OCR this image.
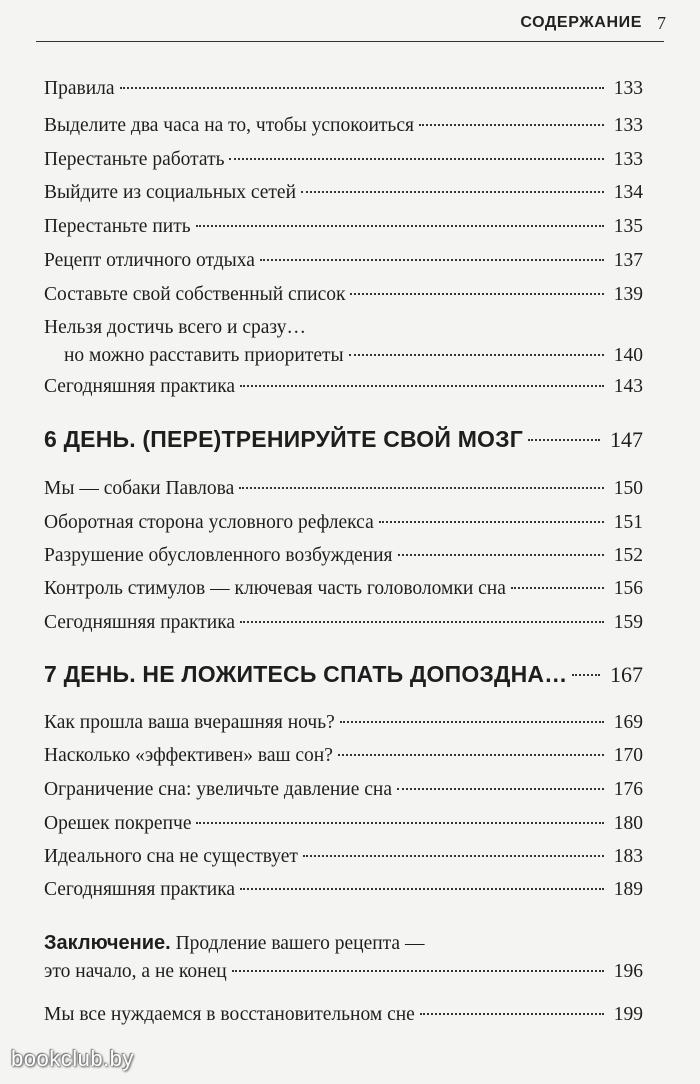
СОДЕРЖАНИЕ 7
Правила	133
Выделите два часа на то, чтобы успокоиться	133
Перестаньте работать	133
Выйдите из социальных сетей	134
Перестаньте пить	135
Рецепт отличного отдыха	137
Составьте свой собственный список	139
Нельзя достичь всего и сразу…
но можно расставить приоритеты	140
Сегодняшняя практика	143
6 ДЕНЬ. (ПЕРЕ)ТРЕНИРУЙТЕ СВОЙ МОЗГ	147
Мы — собаки Павлова	150
Оборотная сторона условного рефлекса	151
Разрушение обусловленного возбуждения	152
Контроль стимулов — ключевая часть головоломки сна	156
Сегодняшняя практика	159
7 ДЕНЬ. НЕ ЛОЖИТЕСЬ СПАТЬ ДОПОЗДНА… 167
Как прошла ваша вчерашняя ночь?	169
Насколько «эффективен» ваш сон?	170
Ограничение сна: увеличьте давление сна	176
Орешек покрепче	180
Идеального сна не существует	183
Сегодняшняя практика	189
Заключение. Продление вашего рецепта —
это начало, а не конец	196
Мы все нуждаемся в восстановительном сне	199
bookclub.by
